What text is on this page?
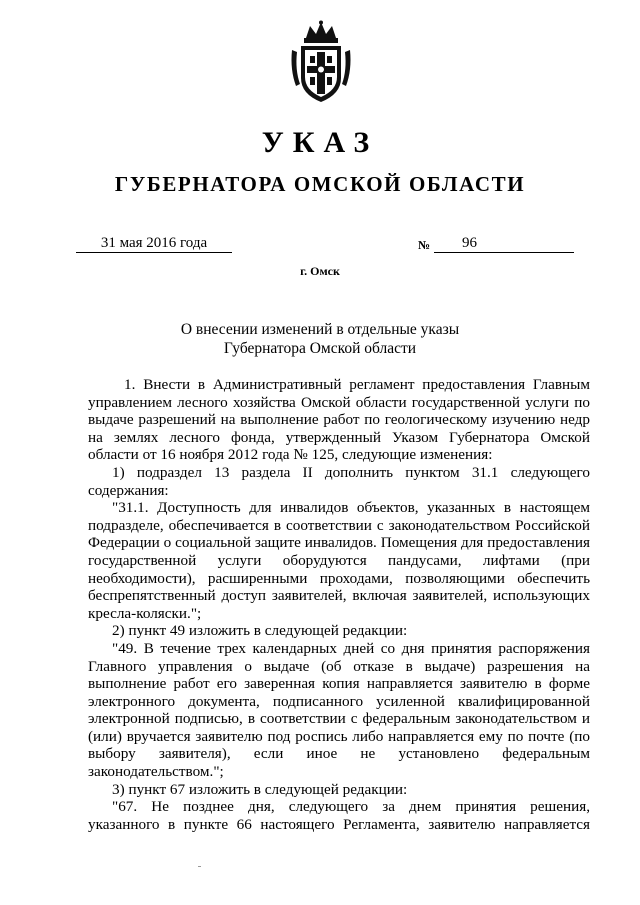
УКАЗ
ГУБЕРНАТОРА ОМСКОЙ ОБЛАСТИ
31 мая 2016 года	№	96
г. Омск
О внесении изменений в отдельные указы
Губернатора Омской области
1. Внести в Административный регламент предоставления Главным
управлением лесного хозяйства Омской области государственной услуги по
выдаче разрешений на выполнение работ по геологическому изучению недр
на землях лесного фонда, утвержденный Указом Губернатора Омской
области от 16 ноября 2012 года № 125, следующие изменения:
1) подраздел 13 раздела II дополнить пунктом 31.1 следующего
содержания:
"31.1. Доступность для инвалидов объектов, указанных в настоящем
подразделе, обеспечивается в соответствии с законодательством Российской
Федерации о социальной защите инвалидов. Помещения для предоставления
государственной услуги оборудуются пандусами, лифтами (при
необходимости), расширенными проходами, позволяющими обеспечить
беспрепятственный доступ заявителей, включая заявителей, использующих
кресла-коляски.";
2) пункт 49 изложить в следующей редакции:
"49. В течение трех календарных дней со дня принятия распоряжения
Главного управления о выдаче (об отказе в выдаче) разрешения на
выполнение работ его заверенная копия направляется заявителю в форме
электронного документа, подписанного усиленной квалифицированной
электронной подписью, в соответствии с федеральным законодательством и
(или) вручается заявителю под роспись либо направляется ему по почте (по
выбору заявителя), если иное не установлено федеральным
законодательством.";
3) пункт 67 изложить в следующей редакции:
"67. Не позднее дня, следующего за днем принятия решения,
указанного в пункте 66 настоящего Регламента, заявителю направляется
